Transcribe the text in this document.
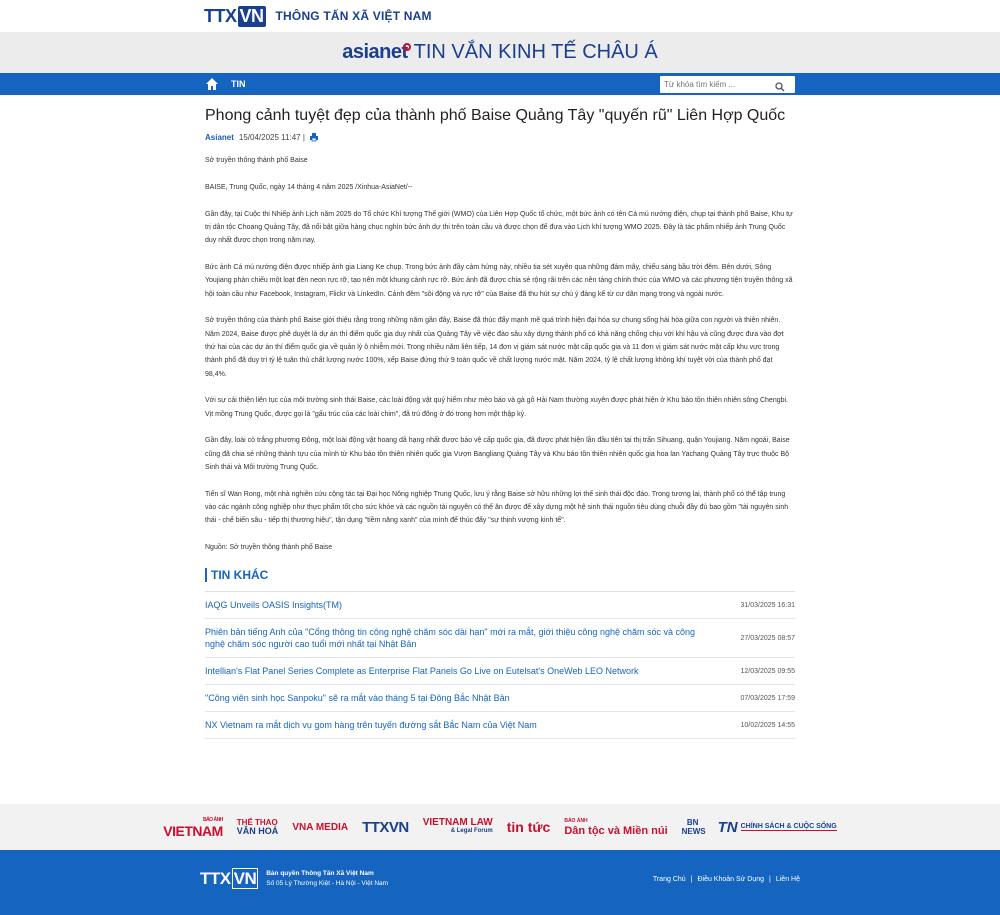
TTX VN THÔNG TẤN XÃ VIỆT NAM
asianet TIN VẮN KINH TẾ CHÂU Á
TIN
Từ khóa tìm kiếm ...
Phong cảnh tuyệt đẹp của thành phố Baise Quảng Tây "quyến rũ" Liên Hợp Quốc
Asianet 15/04/2025 11:47 |

Sở truyền thông thành phố Baise

BAISE, Trung Quốc, ngày 14 tháng 4 năm 2025 /Xinhua-AsiaNet/--

Gần đây, tại Cuộc thi Nhiếp ảnh Lịch năm 2025 do Tổ chức Khí tượng Thế giới (WMO) của Liên Hợp Quốc tổ chức, một bức ảnh có tên Cá mú nướng điện, chụp tại thành phố Baise, Khu tự trị dân tộc Choang Quảng Tây, đã nổi bật giữa hàng chục nghìn bức ảnh dự thi trên toàn cầu và được chọn để đưa vào Lịch khí tượng WMO 2025. Đây là tác phẩm nhiếp ảnh Trung Quốc duy nhất được chọn trong năm nay.

Bức ảnh Cá mú nướng điện được nhiếp ảnh gia Liang Ke chụp. Trong bức ảnh đầy cảm hứng này, nhiều tia sét xuyên qua những đám mây, chiếu sáng bầu trời đêm. Bên dưới, Sông Youjiang phản chiếu một loạt đèn neon rực rỡ, tạo nên một khung cảnh rực rỡ. Bức ảnh đã được chia sẻ rộng rãi trên các nền tảng chính thức của WMO và các phương tiện truyền thông xã hội toàn cầu như Facebook, Instagram, Flickr và LinkedIn. Cảnh đêm "sôi động và rực rỡ" của Baise đã thu hút sự chú ý đáng kể từ cư dân mạng trong và ngoài nước.

Sở truyền thông của thành phố Baise giới thiệu rằng trong những năm gần đây, Baise đã thúc đẩy mạnh mẽ quá trình hiện đại hóa sự chung sống hài hòa giữa con người và thiên nhiên. Năm 2024, Baise được phê duyệt là dự án thí điểm quốc gia duy nhất của Quảng Tây về việc đào sâu xây dựng thành phố có khả năng chống chịu với khí hậu và cũng được đưa vào đợt thứ hai của các dự án thí điểm quốc gia về quản lý ô nhiễm mới. Trong nhiều năm liên tiếp, 14 đơn vị giám sát nước mặt cấp quốc gia và 11 đơn vị giám sát nước mặt cấp khu vực trong thành phố đã duy trì tỷ lệ tuân thủ chất lượng nước 100%, xếp Baise đứng thứ 9 toàn quốc về chất lượng nước mặt. Năm 2024, tỷ lệ chất lượng không khí tuyệt vời của thành phố đạt 98,4%.

Với sự cải thiện liên tục của môi trường sinh thái Baise, các loài động vật quý hiếm như mèo báo và gà gô Hải Nam thường xuyên được phát hiện ở Khu bảo tồn thiên nhiên sông Chengbi. Vịt mồng Trung Quốc, được gọi là "gấu trúc của các loài chim", đã trú đông ở đó trong hơn một thập kỷ.

Gần đây, loài cò trắng phương Đông, một loài động vật hoang dã hạng nhất được bảo vệ cấp quốc gia, đã được phát hiện lần đầu tiên tại thị trấn Sihuang, quận Youjiang. Năm ngoái, Baise cũng đã chia sẻ những thành tựu của mình từ Khu bảo tồn thiên nhiên quốc gia Vượn Bangliang Quảng Tây và Khu bảo tồn thiên nhiên quốc gia hoa lan Yachang Quảng Tây trực thuộc Bộ Sinh thái và Môi trường Trung Quốc.

Tiến sĩ Wan Rong, một nhà nghiên cứu cộng tác tại Đại học Nông nghiệp Trung Quốc, lưu ý rằng Baise sở hữu những lợi thế sinh thái độc đáo. Trong tương lai, thành phố có thể tập trung vào các ngành công nghiệp như thực phẩm tốt cho sức khỏe và các nguồn tài nguyên có thể ăn được để xây dựng một hệ sinh thái nguồn tiêu dùng chuỗi đầy đủ bao gồm "tài nguyên sinh thái - chế biến sâu - tiếp thị thương hiệu", tận dụng "tiềm năng xanh" của mình để thúc đẩy "sự thịnh vượng kinh tế".

Nguồn: Sở truyền thông thành phố Baise

TIN KHÁC
IAQG Unveils OASIS Insights(TM)	31/03/2025 16:31
Phiên bản tiếng Anh của "Cổng thông tin công nghệ chăm sóc dài hạn" mới ra mắt, giới thiệu công nghệ chăm sóc và công nghệ chăm sóc người cao tuổi mới nhất tại Nhật Bản
27/03/2025 08:57
Intellian's Flat Panel Series Complete as Enterprise Flat Panels Go Live on Eutelsat's OneWeb LEO Network	12/03/2025 09:55
"Công viên sinh học Sanpoku" sẽ ra mắt vào tháng 5 tại Đông Bắc Nhật Bản	07/03/2025 17:59
NX Vietnam ra mắt dịch vụ gom hàng trên tuyến đường sắt Bắc Nam của Việt Nam	10/02/2025 14:55
BÁO ẢNH
VIETNAM
THỂ THAO
VĂN HOÁ VNA MEDIA TTXVN VIETNAM LAW
& Legal Forum tin tức	BÁO ẢNH
Dân tộc và Miền núi
BN NEWS TN CHÍNH SÁCH & CUỘC SỐNG
TTX VN	Bản quyền Thông Tấn Xã Việt Nam
Số 05 Lý Thường Kiệt - Hà Nội - Việt Nam
Trang Chủ | Điều Khoản Sử Dụng | Liên Hệ
